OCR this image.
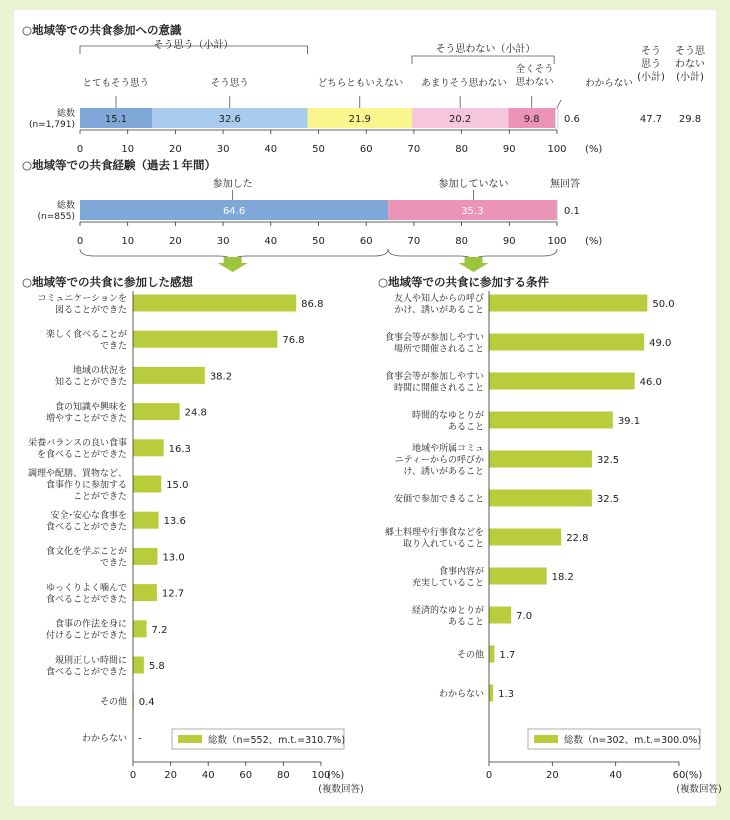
○地域等での共食参加への意識
そう思う（小計）	そう思わない（小計）	そう
思う
(小計)
そう思
わない
(小計)
47.7 29.8
総数
(n=1,791)	15.1	32.6	21.9	20.2	9.8 0.6
とてもそう思う	そう思う	どちらともいえない あまりそう思わない
全くそう
思わない	わからない
0	10	20	30	40	50	60	70	80	90	100 (%)
○地域等での共食経験（過去１年間）
総数
(n=855)	64.6	35.3	0.1
参加した	参加していない	無回答
0	10	20	30	40	50	60	70	80	90	100 (%)
○地域等での共食に参加した感想
86.8
コミュニケーションを
図ることができた
76.8
楽しく食べることが
できた
38.2
地域の状況を
知ることができた
24.8
食の知識や興味を
増やすことができた
16.3
栄養バランスの良い食事
を食べることができた
15.0
調理や配膳、買物など、
食事作りに参加する
ことができた
13.6
安全･安心な食事を
食べることができた
13.0
食文化を学ぶことが
できた
12.7
ゆっくりよく噛んで
食べることができた
7.2
食事の作法を身に
付けることができた
5.8
規則正しい時間に
食べることができた
0.4
その他
-
わからない
0	20 40 60 80 100
(%)
(複数回答)
総数（n=552、m.t.=310.7%)
○地域等での共食に参加する条件
50.0
友人や知人からの呼び
かけ、誘いがあること
49.0
食事会等が参加しやすい
場所で開催されること
46.0
食事会等が参加しやすい
時間に開催されること
39.1
時間的なゆとりが
あること
32.5
地域や所属コミュ
ニティーからの呼びか
け、誘いがあること
32.5
安価で参加できること
22.8
郷土料理や行事食などを
取り入れていること
18.2
食事内容が
充実していること
7.0
経済的なゆとりが
あること
1.7
その他
1.3
わからない
0	20	40	60 (%)
(複数回答)
総数（n=302、m.t.=300.0%)
